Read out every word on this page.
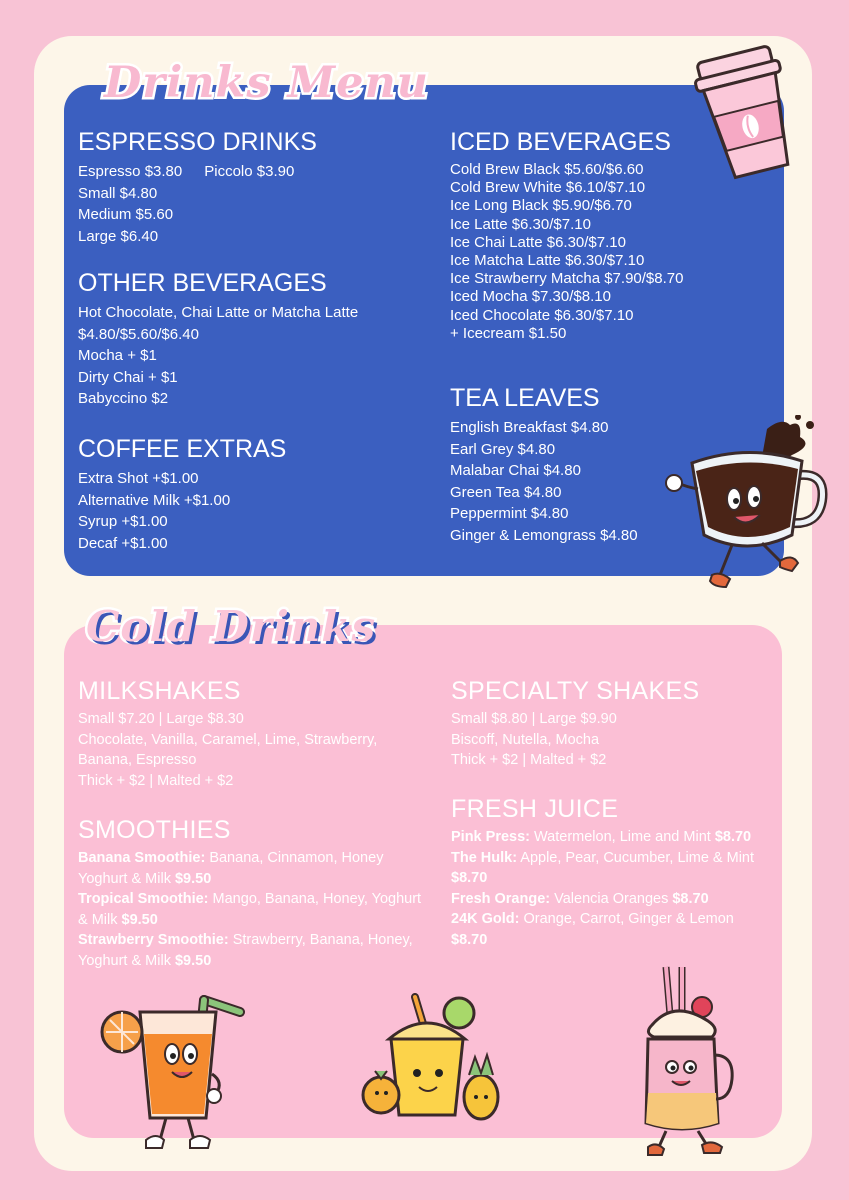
Drinks Menu
Cold Drinks
ESPRESSO DRINKS
Espresso $3.80 Piccolo $3.90
Small $4.80
Medium $5.60
Large $6.40
OTHER BEVERAGES
Hot Chocolate, Chai Latte or Matcha Latte
$4.80/$5.60/$6.40
Mocha + $1
Dirty Chai + $1
Babyccino $2
COFFEE EXTRAS
Extra Shot +$1.00
Alternative Milk +$1.00
Syrup +$1.00
Decaf +$1.00
ICED BEVERAGES
Cold Brew Black $5.60/$6.60
Cold Brew White $6.10/$7.10
Ice Long Black $5.90/$6.70
Ice Latte $6.30/$7.10
Ice Chai Latte $6.30/$7.10
Ice Matcha Latte $6.30/$7.10
Ice Strawberry Matcha $7.90/$8.70
Iced Mocha $7.30/$8.10
Iced Chocolate $6.30/$7.10
+ Icecream $1.50
TEA LEAVES
English Breakfast $4.80
Earl Grey $4.80
Malabar Chai $4.80
Green Tea $4.80
Peppermint $4.80
Ginger & Lemongrass $4.80
MILKSHAKES
Small $7.20 | Large $8.30
Chocolate, Vanilla, Caramel, Lime, Strawberry, Banana, Espresso
Thick + $2 | Malted + $2
SMOOTHIES
Banana Smoothie: Banana, Cinnamon, Honey Yoghurt & Milk $9.50
Tropical Smoothie: Mango, Banana, Honey, Yoghurt & Milk $9.50
Strawberry Smoothie: Strawberry, Banana, Honey, Yoghurt & Milk $9.50
SPECIALTY SHAKES
Small $8.80 | Large $9.90
Biscoff, Nutella, Mocha
Thick + $2 | Malted + $2
FRESH JUICE
Pink Press: Watermelon, Lime and Mint $8.70
The Hulk: Apple, Pear, Cucumber, Lime & Mint $8.70
Fresh Orange: Valencia Oranges $8.70
24K Gold: Orange, Carrot, Ginger & Lemon $8.70
